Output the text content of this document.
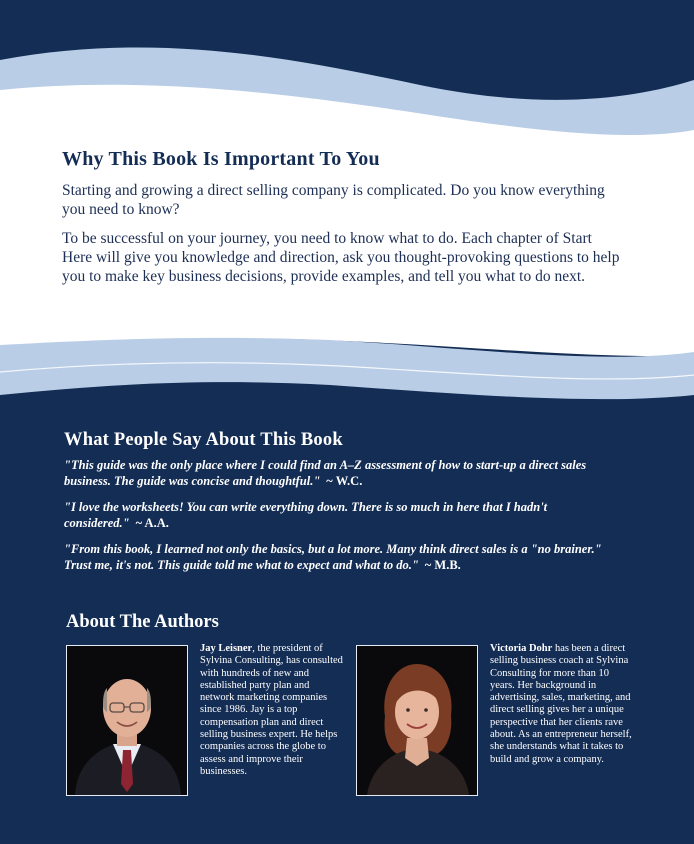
Why This Book Is Important To You

Starting and growing a direct selling company is complicated. Do you know everything you need to know?

To be successful on your journey, you need to know what to do. Each chapter of Start Here will give you knowledge and direction, ask you thought-provoking questions to help you to make key business decisions, provide examples, and tell you what to do next.

What People Say About This Book

"This guide was the only place where I could find an A–Z assessment of how to start-up a direct sales business. The guide was concise and thoughtful." ~ W.C.

"I love the worksheets! You can write everything down. There is so much in here that I hadn't considered." ~ A.A.

"From this book, I learned not only the basics, but a lot more. Many think direct sales is a "no brainer." Trust me, it's not. This guide told me what to expect and what to do." ~ M.B.

About The Authors
Jay Leisner, the president of Sylvina Consulting, has consulted with hundreds of new and established party plan and network marketing companies since 1986. Jay is a top compensation plan and direct selling business expert. He helps companies across the globe to assess and improve their businesses.
Victoria Dohr has been a direct selling business coach at Sylvina Consulting for more than 10 years. Her background in advertising, sales, marketing, and direct selling gives her a unique perspective that her clients rave about. As an entrepreneur herself, she understands what it takes to build and grow a company.
